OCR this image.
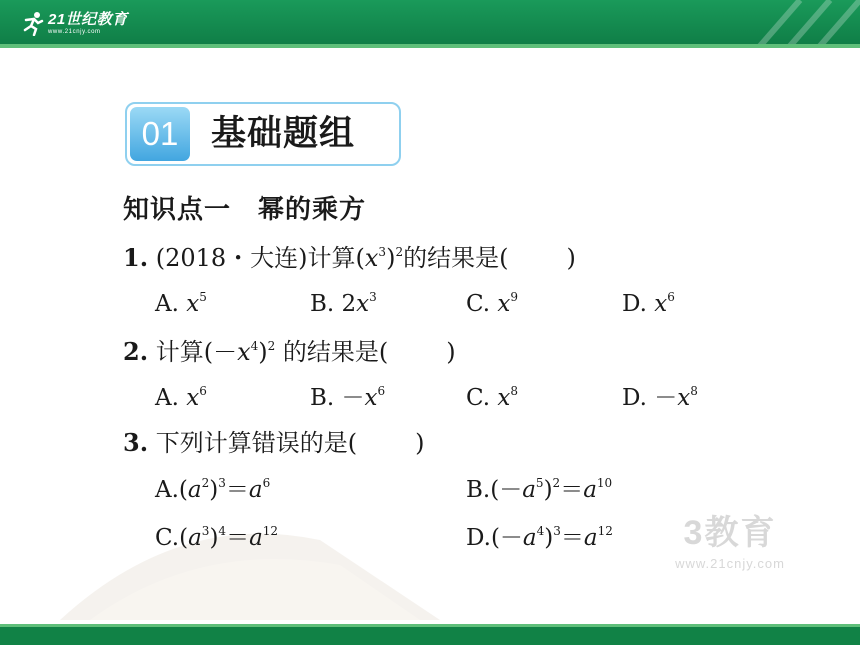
21世纪教育
www.21cnjy.com
01 基础题组
知识点一　幂的乘方
1. (2018・大连)计算$(x^3)^2$的结果是( )
A. $x^5$	B. $2x^3$	C. $x^9$	D. $x^6$
2. 计算$(-x^4)^2$ 的结果是( )
A. $x^6$	B. $-x^6$	C. $x^8$	D. $-x^8$
3. 下列计算错误的是( )
$A.(a^2)^3=a^6$	$B.(-a^5)^2=a^{10}$
$C.(a^3)^4=a^{12}$	$D.(-a^4)^3=a^{12}$	3教育
www.21cnjy.com
